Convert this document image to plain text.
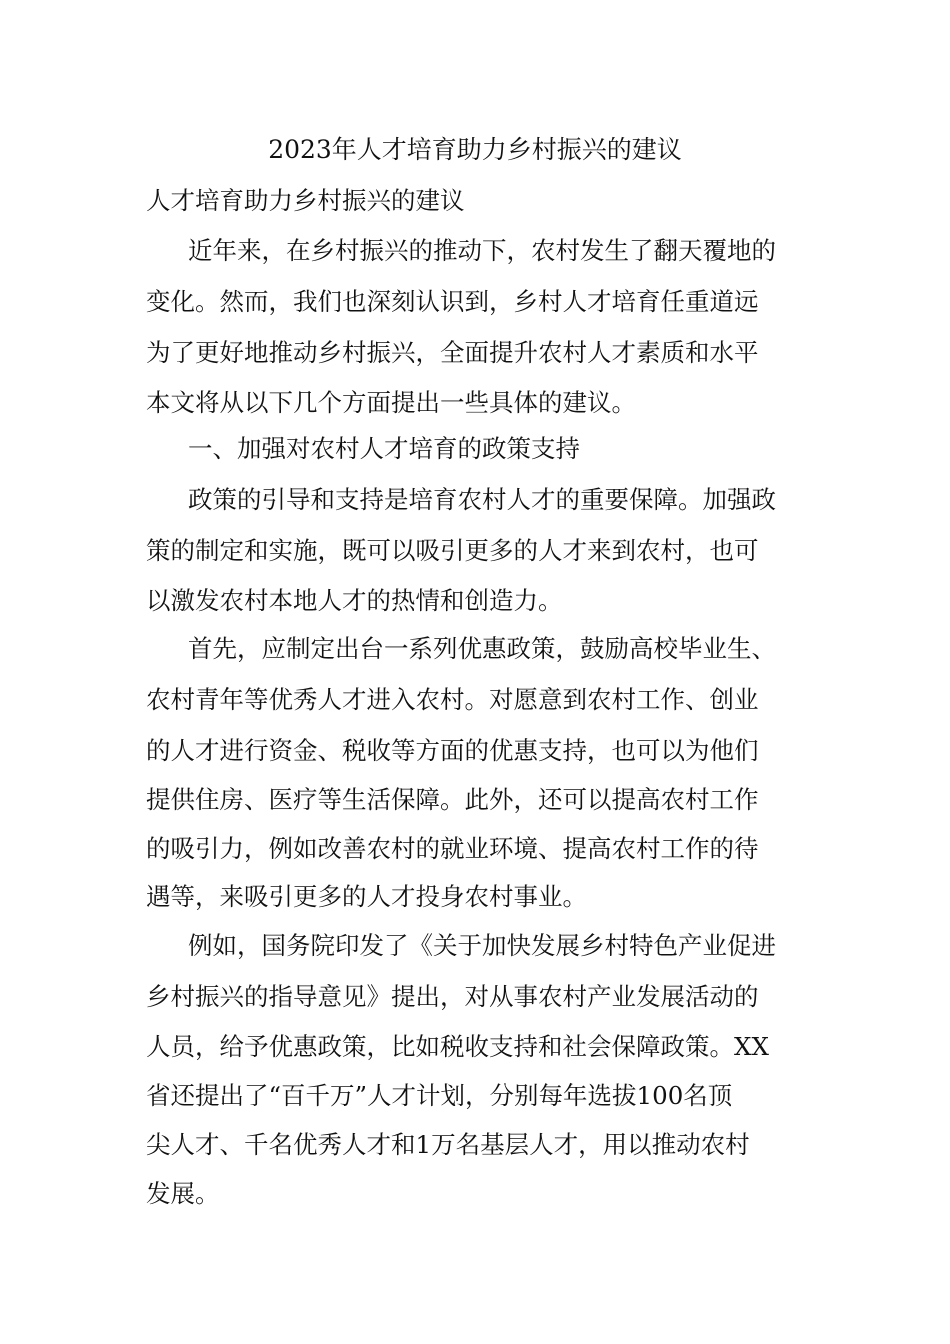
2023年人才培育助力乡村振兴的建议
人才培育助力乡村振兴的建议
近年来，在乡村振兴的推动下，农村发生了翻天覆地的
变化。然而，我们也深刻认识到，乡村人才培育任重道远
为了更好地推动乡村振兴，全面提升农村人才素质和水平
本文将从以下几个方面提出一些具体的建议。
一、加强对农村人才培育的政策支持
政策的引导和支持是培育农村人才的重要保障。加强政
策的制定和实施，既可以吸引更多的人才来到农村，也可
以激发农村本地人才的热情和创造力。
首先，应制定出台一系列优惠政策，鼓励高校毕业生、
农村青年等优秀人才进入农村。对愿意到农村工作、创业
的人才进行资金、税收等方面的优惠支持，也可以为他们
提供住房、医疗等生活保障。此外，还可以提高农村工作
的吸引力，例如改善农村的就业环境、提高农村工作的待
遇等，来吸引更多的人才投身农村事业。
例如，国务院印发了《关于加快发展乡村特色产业促进
乡村振兴的指导意见》提出，对从事农村产业发展活动的
人员，给予优惠政策，比如税收支持和社会保障政策。XX
省还提出了“百千万”人才计划，分别每年选拔100名顶
尖人才、千名优秀人才和1万名基层人才，用以推动农村
发展。
